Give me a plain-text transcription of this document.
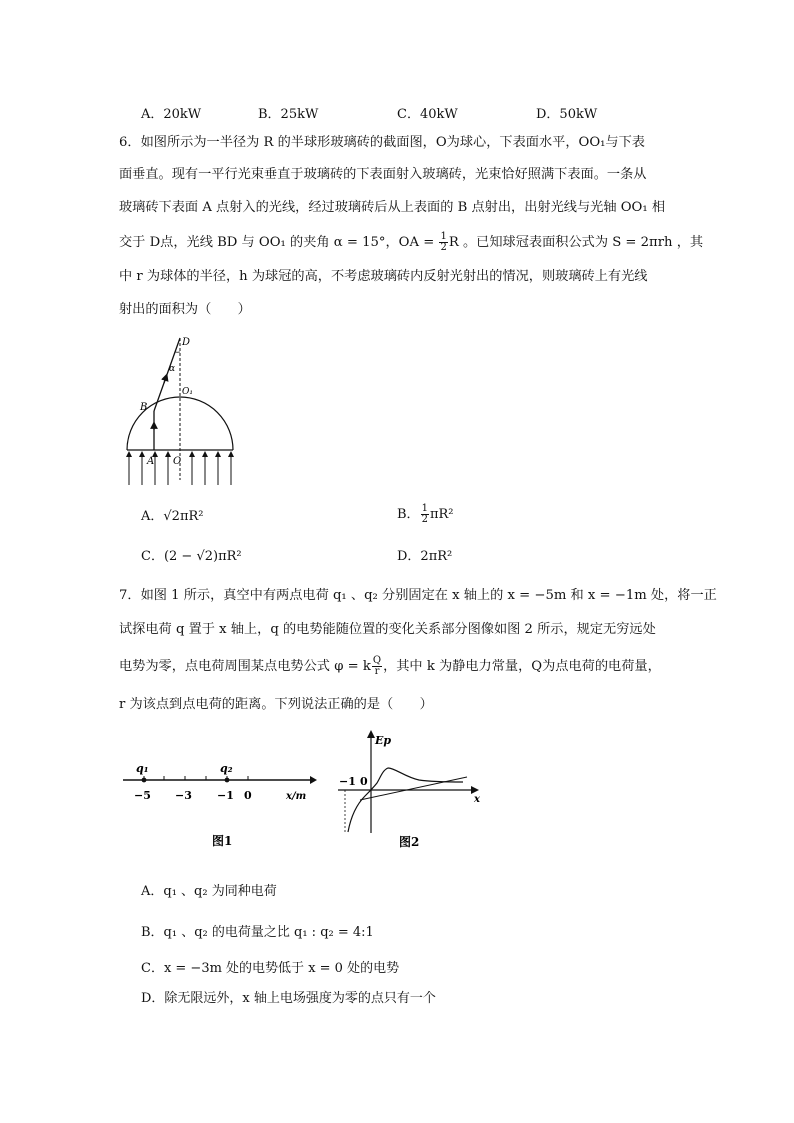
A．20kW	B．25kW	C．40kW	D．50kW
6．如图所示为一半径为 R 的半球形玻璃砖的截面图，O为球心，下表面水平，OO₁与下表
面垂直。现有一平行光束垂直于玻璃砖的下表面射入玻璃砖，光束恰好照满下表面。一条从
玻璃砖下表面 A 点射入的光线，经过玻璃砖后从上表面的 B 点射出，出射光线与光轴 OO₁ 相
交于 D点，光线 BD 与 OO₁ 的夹角 α = 15°，OA = $\frac{1}{2}$ R 。已知球冠表面积公式为 S = 2πrh ，其
中 r 为球体的半径，h 为球冠的高，不考虑玻璃砖内反射光射出的情况，则玻璃砖上有光线
射出的面积为（　　）
D
α
O₁
B
A O
A．√2πR²	B． $\frac{1}{2} \pi R^2$
C．(2 − √2)πR²	D．2πR²
7．如图 1 所示，真空中有两点电荷 q₁ 、q₂ 分别固定在 x 轴上的 x = −5m 和 x = −1m 处，将一正
试探电荷 q 置于 x 轴上，q 的电势能随位置的变化关系部分图像如图 2 所示，规定无穷远处
电势为零，点电荷周围某点电势公式 φ = k $\frac{Q}{r}$ ，其中 k 为静电力常量，Q为点电荷的电荷量，
r 为该点到点电荷的距离。下列说法正确的是（　　）
q₁	q₂
−5 −3 −1 0	x/m
图1
Ep
−1 0
x
图2
A．q₁ 、q₂ 为同种电荷
B．q₁ 、q₂ 的电荷量之比 q₁ : q₂ = 4:1
C．x = −3m 处的电势低于 x = 0 处的电势
D．除无限远外，x 轴上电场强度为零的点只有一个
